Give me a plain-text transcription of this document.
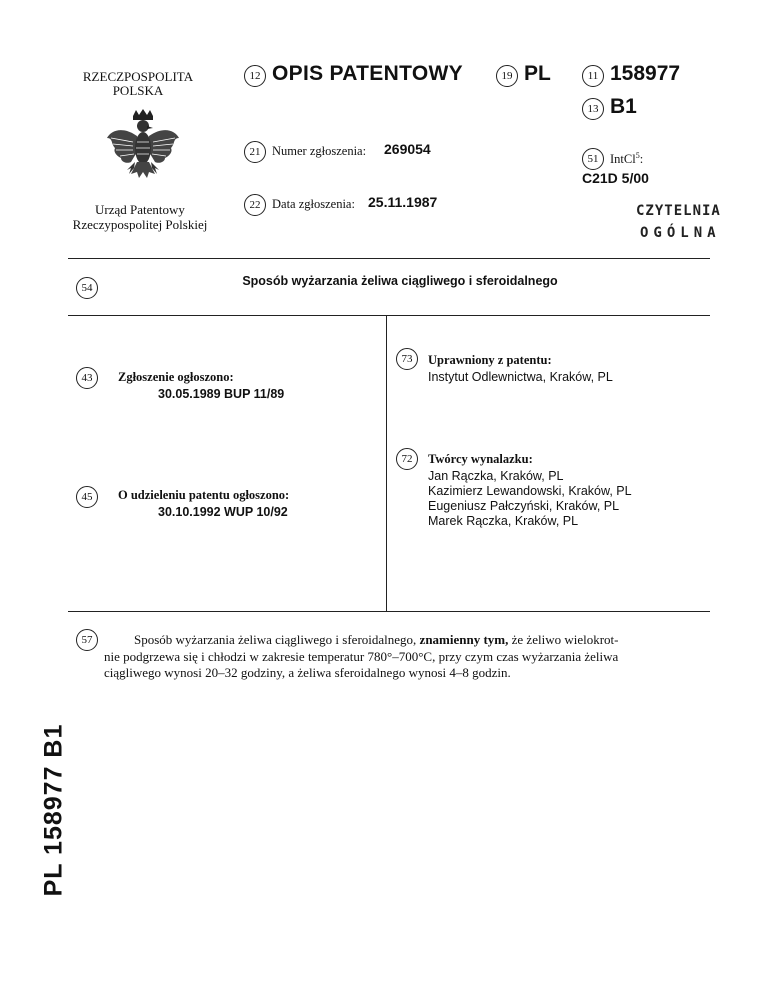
RZECZPOSPOLITA
POLSKA
Urząd Patentowy
Rzeczypospolitej Polskiej
12 OPIS PATENTOWY	19 PL	11 158977
13 B1
21 Numer zgłoszenia: 269054
51 IntCl$^5$:
C21D 5/00
22 Data zgłoszenia: 25.11.1987
CZYTELNIA
OGÓLNA
54	Sposób wyżarzania żeliwa ciągliwego i sferoidalnego
43	Zgłoszenie ogłoszono:
30.05.1989 BUP 11/89
45	O udzieleniu patentu ogłoszono:
30.10.1992 WUP 10/92
73	Uprawniony z patentu:
Instytut Odlewnictwa, Kraków, PL
72	Twórcy wynalazku:
Jan Rączka, Kraków, PL
Kazimierz Lewandowski, Kraków, PL
Eugeniusz Pałczyński, Kraków, PL
Marek Rączka, Kraków, PL
57	Sposób wyżarzania żeliwa ciągliwego i sferoidalnego, znamienny tym, że żeliwo wielokrot-
nie podgrzewa się i chłodzi w zakresie temperatur 780°–700°C, przy czym czas wyżarzania żeliwa
ciągliwego wynosi 20–32 godziny, a żeliwa sferoidalnego wynosi 4–8 godzin.
PL 158977 B1
